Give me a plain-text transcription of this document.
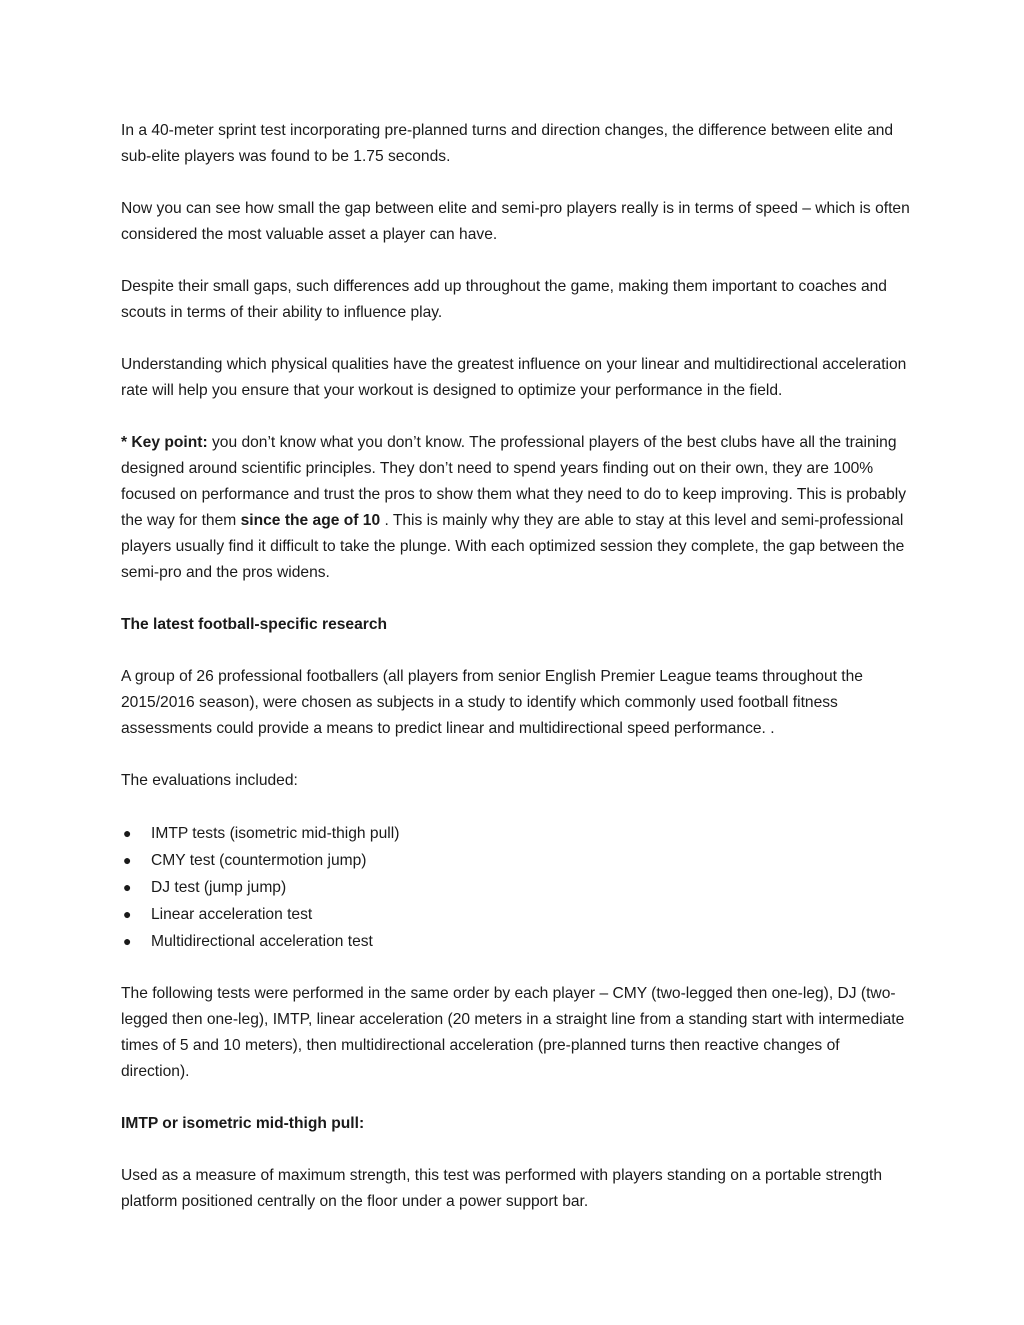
In a 40-meter sprint test incorporating pre-planned turns and direction changes, the difference between elite and sub-elite players was found to be 1.75 seconds.

Now you can see how small the gap between elite and semi-pro players really is in terms of speed – which is often considered the most valuable asset a player can have.

Despite their small gaps, such differences add up throughout the game, making them important to coaches and scouts in terms of their ability to influence play.

Understanding which physical qualities have the greatest influence on your linear and multidirectional acceleration rate will help you ensure that your workout is designed to optimize your performance in the field.

* Key point: you don’t know what you don’t know. The professional players of the best clubs have all the training designed around scientific principles. They don’t need to spend years finding out on their own, they are 100% focused on performance and trust the pros to show them what they need to do to keep improving. This is probably the way for them since the age of 10 . This is mainly why they are able to stay at this level and semi-professional players usually find it difficult to take the plunge. With each optimized session they complete, the gap between the semi-pro and the pros widens.

The latest football-specific research

A group of 26 professional footballers (all players from senior English Premier League teams throughout the 2015/2016 season), were chosen as subjects in a study to identify which commonly used football fitness assessments could provide a means to predict linear and multidirectional speed performance. .

The evaluations included:

● IMTP tests (isometric mid-thigh pull)
● CMY test (countermotion jump)
● DJ test (jump jump)
● Linear acceleration test
● Multidirectional acceleration test

The following tests were performed in the same order by each player – CMY (two-legged then one-leg), DJ (two-legged then one-leg), IMTP, linear acceleration (20 meters in a straight line from a standing start with intermediate times of 5 and 10 meters), then multidirectional acceleration (pre-planned turns then reactive changes of direction).

IMTP or isometric mid-thigh pull:

Used as a measure of maximum strength, this test was performed with players standing on a portable strength platform positioned centrally on the floor under a power support bar.
